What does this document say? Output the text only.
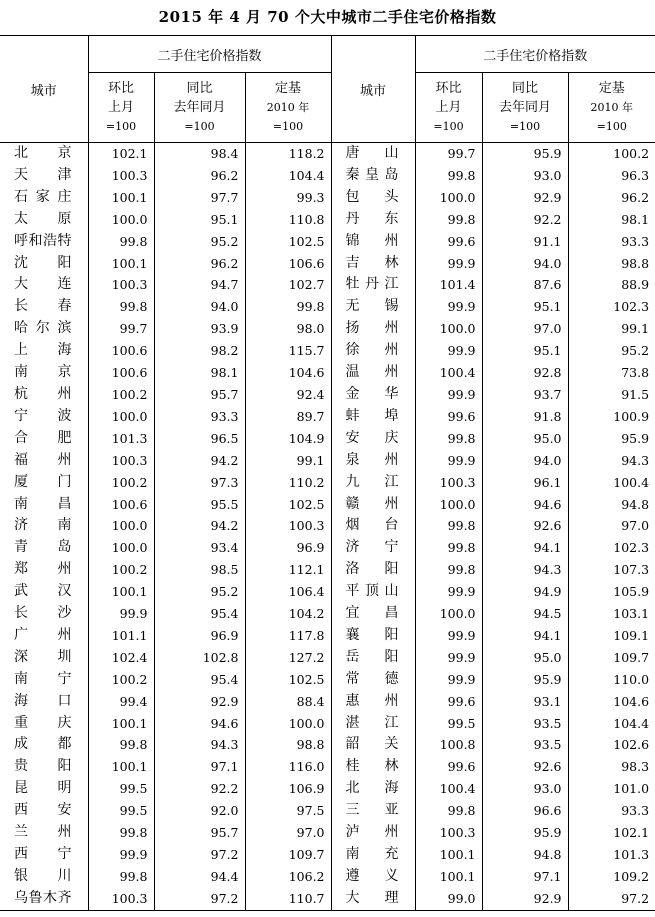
2015 年 4 月 70 个大中城市二手住宅价格指数
城市	二手住宅价格指数			城市	二手住宅价格指数		
	环比
上月
=100	同比
去年同月
=100	定基
2010 年
=100		环比
上月
=100	同比
去年同月
=100	定基
2010 年
=100
北京	102.1	98.4	118.2	唐山	99.7	95.9	100.2
天津	100.3	96.2	104.4	秦皇岛	99.8	93.0	96.3
石家庄	100.1	97.7	99.3	包头	100.0	92.9	96.2
太原	100.0	95.1	110.8	丹东	99.8	92.2	98.1
呼和浩特	99.8	95.2	102.5	锦州	99.6	91.1	93.3
沈阳	100.1	96.2	106.6	吉林	99.9	94.0	98.8
大连	100.3	94.7	102.7	牡丹江	101.4	87.6	88.9
长春	99.8	94.0	99.8	无锡	99.9	95.1	102.3
哈尔滨	99.7	93.9	98.0	扬州	100.0	97.0	99.1
上海	100.6	98.2	115.7	徐州	99.9	95.1	95.2
南京	100.6	98.1	104.6	温州	100.4	92.8	73.8
杭州	100.2	95.7	92.4	金华	99.9	93.7	91.5
宁波	100.0	93.3	89.7	蚌埠	99.6	91.8	100.9
合肥	101.3	96.5	104.9	安庆	99.8	95.0	95.9
福州	100.3	94.2	99.1	泉州	99.9	94.0	94.3
厦门	100.2	97.3	110.2	九江	100.3	96.1	100.4
南昌	100.6	95.5	102.5	赣州	100.0	94.6	94.8
济南	100.0	94.2	100.3	烟台	99.8	92.6	97.0
青岛	100.0	93.4	96.9	济宁	99.8	94.1	102.3
郑州	100.2	98.5	112.1	洛阳	99.8	94.3	107.3
武汉	100.1	95.2	106.4	平顶山	99.9	94.9	105.9
长沙	99.9	95.4	104.2	宜昌	100.0	94.5	103.1
广州	101.1	96.9	117.8	襄阳	99.9	94.1	109.1
深圳	102.4	102.8	127.2	岳阳	99.9	95.0	109.7
南宁	100.2	95.4	102.5	常德	99.9	95.9	110.0
海口	99.4	92.9	88.4	惠州	99.6	93.1	104.6
重庆	100.1	94.6	100.0	湛江	99.5	93.5	104.4
成都	99.8	94.3	98.8	韶关	100.8	93.5	102.6
贵阳	100.1	97.1	116.0	桂林	99.6	92.6	98.3
昆明	99.5	92.2	106.9	北海	100.4	93.0	101.0
西安	99.5	92.0	97.5	三亚	99.8	96.6	93.3
兰州	99.8	95.7	97.0	泸州	100.3	95.9	102.1
西宁	99.9	97.2	109.7	南充	100.1	94.8	101.3
银川	99.8	94.4	106.2	遵义	100.1	97.1	109.2
乌鲁木齐	100.3	97.2	110.7	大理	99.0	92.9	97.2
